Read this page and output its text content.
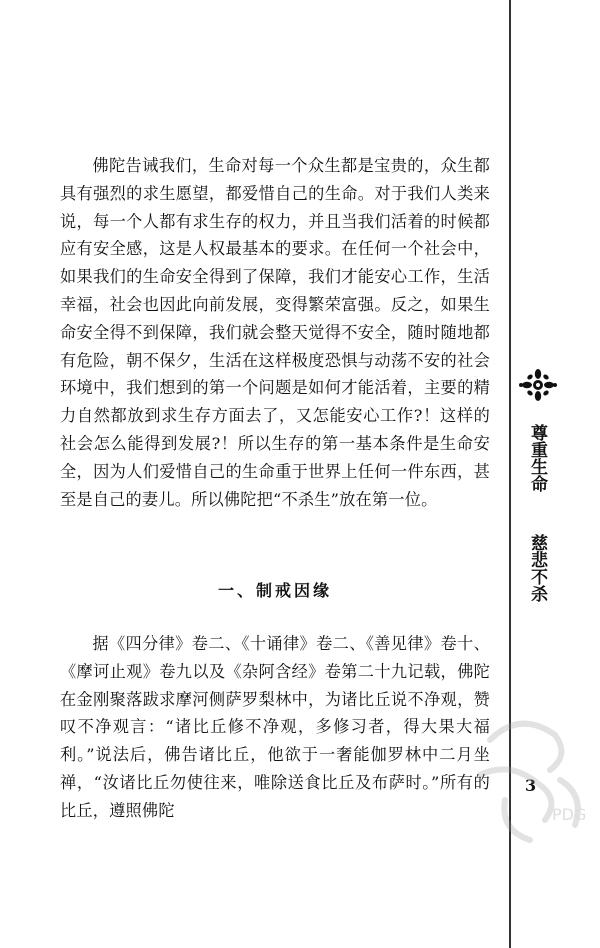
佛陀告诫我们，生命对每一个众生都是宝贵的，众生都具有强烈的求生愿望，都爱惜自己的生命。对于我们人类来说，每一个人都有求生存的权力，并且当我们活着的时候都应有安全感，这是人权最基本的要求。在任何一个社会中，如果我们的生命安全得到了保障，我们才能安心工作，生活幸福，社会也因此向前发展，变得繁荣富强。反之，如果生命安全得不到保障，我们就会整天觉得不安全，随时随地都有危险，朝不保夕，生活在这样极度恐惧与动荡不安的社会环境中，我们想到的第一个问题是如何才能活着，主要的精力自然都放到求生存方面去了，又怎能安心工作?！这样的社会怎么能得到发展?！所以生存的第一基本条件是生命安全，因为人们爱惜自己的生命重于世界上任何一件东西，甚至是自己的妻儿。所以佛陀把“不杀生”放在第一位。

一、制戒因缘

据《四分律》卷二、《十诵律》卷二、《善见律》卷十、《摩诃止观》卷九以及《杂阿含经》卷第二十九记载，佛陀在金刚聚落跋求摩河侧萨罗梨林中，为诸比丘说不净观，赞叹不净观言：“诸比丘修不净观，多修习者，得大果大福利。”说法后，佛告诸比丘，他欲于一奢能伽罗林中二月坐禅，“汝诸比丘勿使往来，唯除送食比丘及布萨时。”所有的比丘，遵照佛陀

尊重生命
慈悲不杀
3
PDG
